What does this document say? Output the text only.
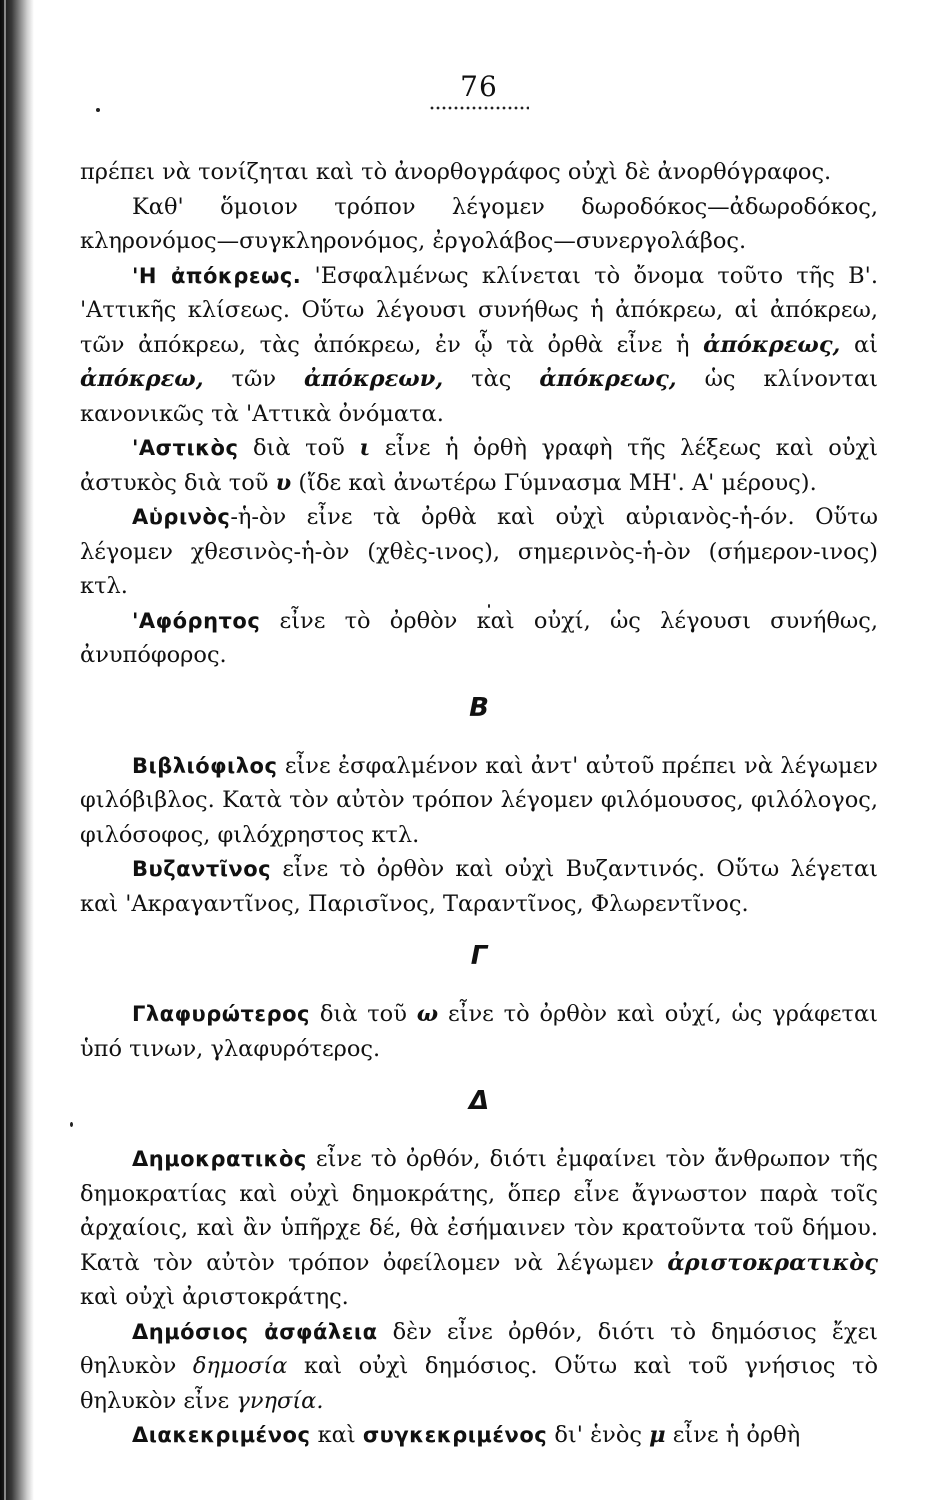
76

πρέπει νὰ τονίζηται καὶ τὸ ἀνορθογράφος οὐχὶ δὲ ἀνορθόγραφος.

Καθ' ὅμοιον τρόπον λέγομεν δωροδόκος—ἀδωροδόκος, κληρονόμος—συγκληρονόμος, ἐργολάβος—συνεργολάβος.

'Η ἀπόκρεως. 'Εσφαλμένως κλίνεται τὸ ὄνομα τοῦτο τῆς Β'. 'Αττικῆς κλίσεως. Οὕτω λέγουσι συνήθως ἡ ἀπόκρεω, αἱ ἀπόκρεω, τῶν ἀπόκρεω, τὰς ἀπόκρεω, ἐν ᾧ τὰ ὀρθὰ εἶνε ἡ ἀπόκρεως, αἱ ἀπόκρεω, τῶν ἀπόκρεων, τὰς ἀπόκρεως, ὡς κλίνονται κανονικῶς τὰ 'Αττικὰ ὀνόματα.

'Αστικὸς διὰ τοῦ ι εἶνε ἡ ὀρθὴ γραφὴ τῆς λέξεως καὶ οὐχὶ ἀστυκὸς διὰ τοῦ υ (ἴδε καὶ ἀνωτέρω Γύμνασμα ΜΗ'. Α' μέρους).

Αὑρινὸς-ἡ-ὸν εἶνε τὰ ὀρθὰ καὶ οὐχὶ αὐριανὸς-ἡ-όν. Οὕτω λέγομεν χθεσινὸς-ἡ-ὸν (χθὲς-ινος), σημερινὸς-ἡ-ὸν (σήμερον-ινος) κτλ.

'Αφόρητος εἶνε τὸ ὀρθὸν καὶ οὐχί, ὡς λέγουσι συνήθως, ἀνυπόφορος.

Β

Βιβλιόφιλος εἶνε ἐσφαλμένον καὶ ἀντ' αὐτοῦ πρέπει νὰ λέγωμεν φιλόβιβλος. Κατὰ τὸν αὐτὸν τρόπον λέγομεν φιλόμουσος, φιλόλογος, φιλόσοφος, φιλόχρηστος κτλ.

Βυζαντῖνος εἶνε τὸ ὀρθὸν καὶ οὐχὶ Βυζαντινός. Οὕτω λέγεται καὶ 'Ακραγαντῖνος, Παρισῖνος, Ταραντῖνος, Φλωρεντῖνος.

Γ

Γλαφυρώτερος διὰ τοῦ ω εἶνε τὸ ὀρθὸν καὶ οὐχί, ὡς γράφεται ὑπό τινων, γλαφυρότερος.

Δ

Δημοκρατικὸς εἶνε τὸ ὀρθόν, διότι ἐμφαίνει τὸν ἄνθρωπον τῆς δημοκρατίας καὶ οὐχὶ δημοκράτης, ὅπερ εἶνε ἄγνωστον παρὰ τοῖς ἀρχαίοις, καὶ ἂν ὑπῆρχε δέ, θὰ ἐσήμαινεν τὸν κρατοῦντα τοῦ δήμου. Κατὰ τὸν αὐτὸν τρόπον ὀφείλομεν νὰ λέγωμεν ἀριστοκρατικὸς καὶ οὐχὶ ἀριστοκράτης.

Δημόσιος ἀσφάλεια δὲν εἶνε ὀρθόν, διότι τὸ δημόσιος ἔχει θηλυκὸν δημοσία καὶ οὐχὶ δημόσιος. Οὕτω καὶ τοῦ γνήσιος τὸ θηλυκὸν εἶνε γνησία.

Διακεκριμένος καὶ συγκεκριμένος δι' ἑνὸς μ εἶνε ἡ ὀρθὴ
